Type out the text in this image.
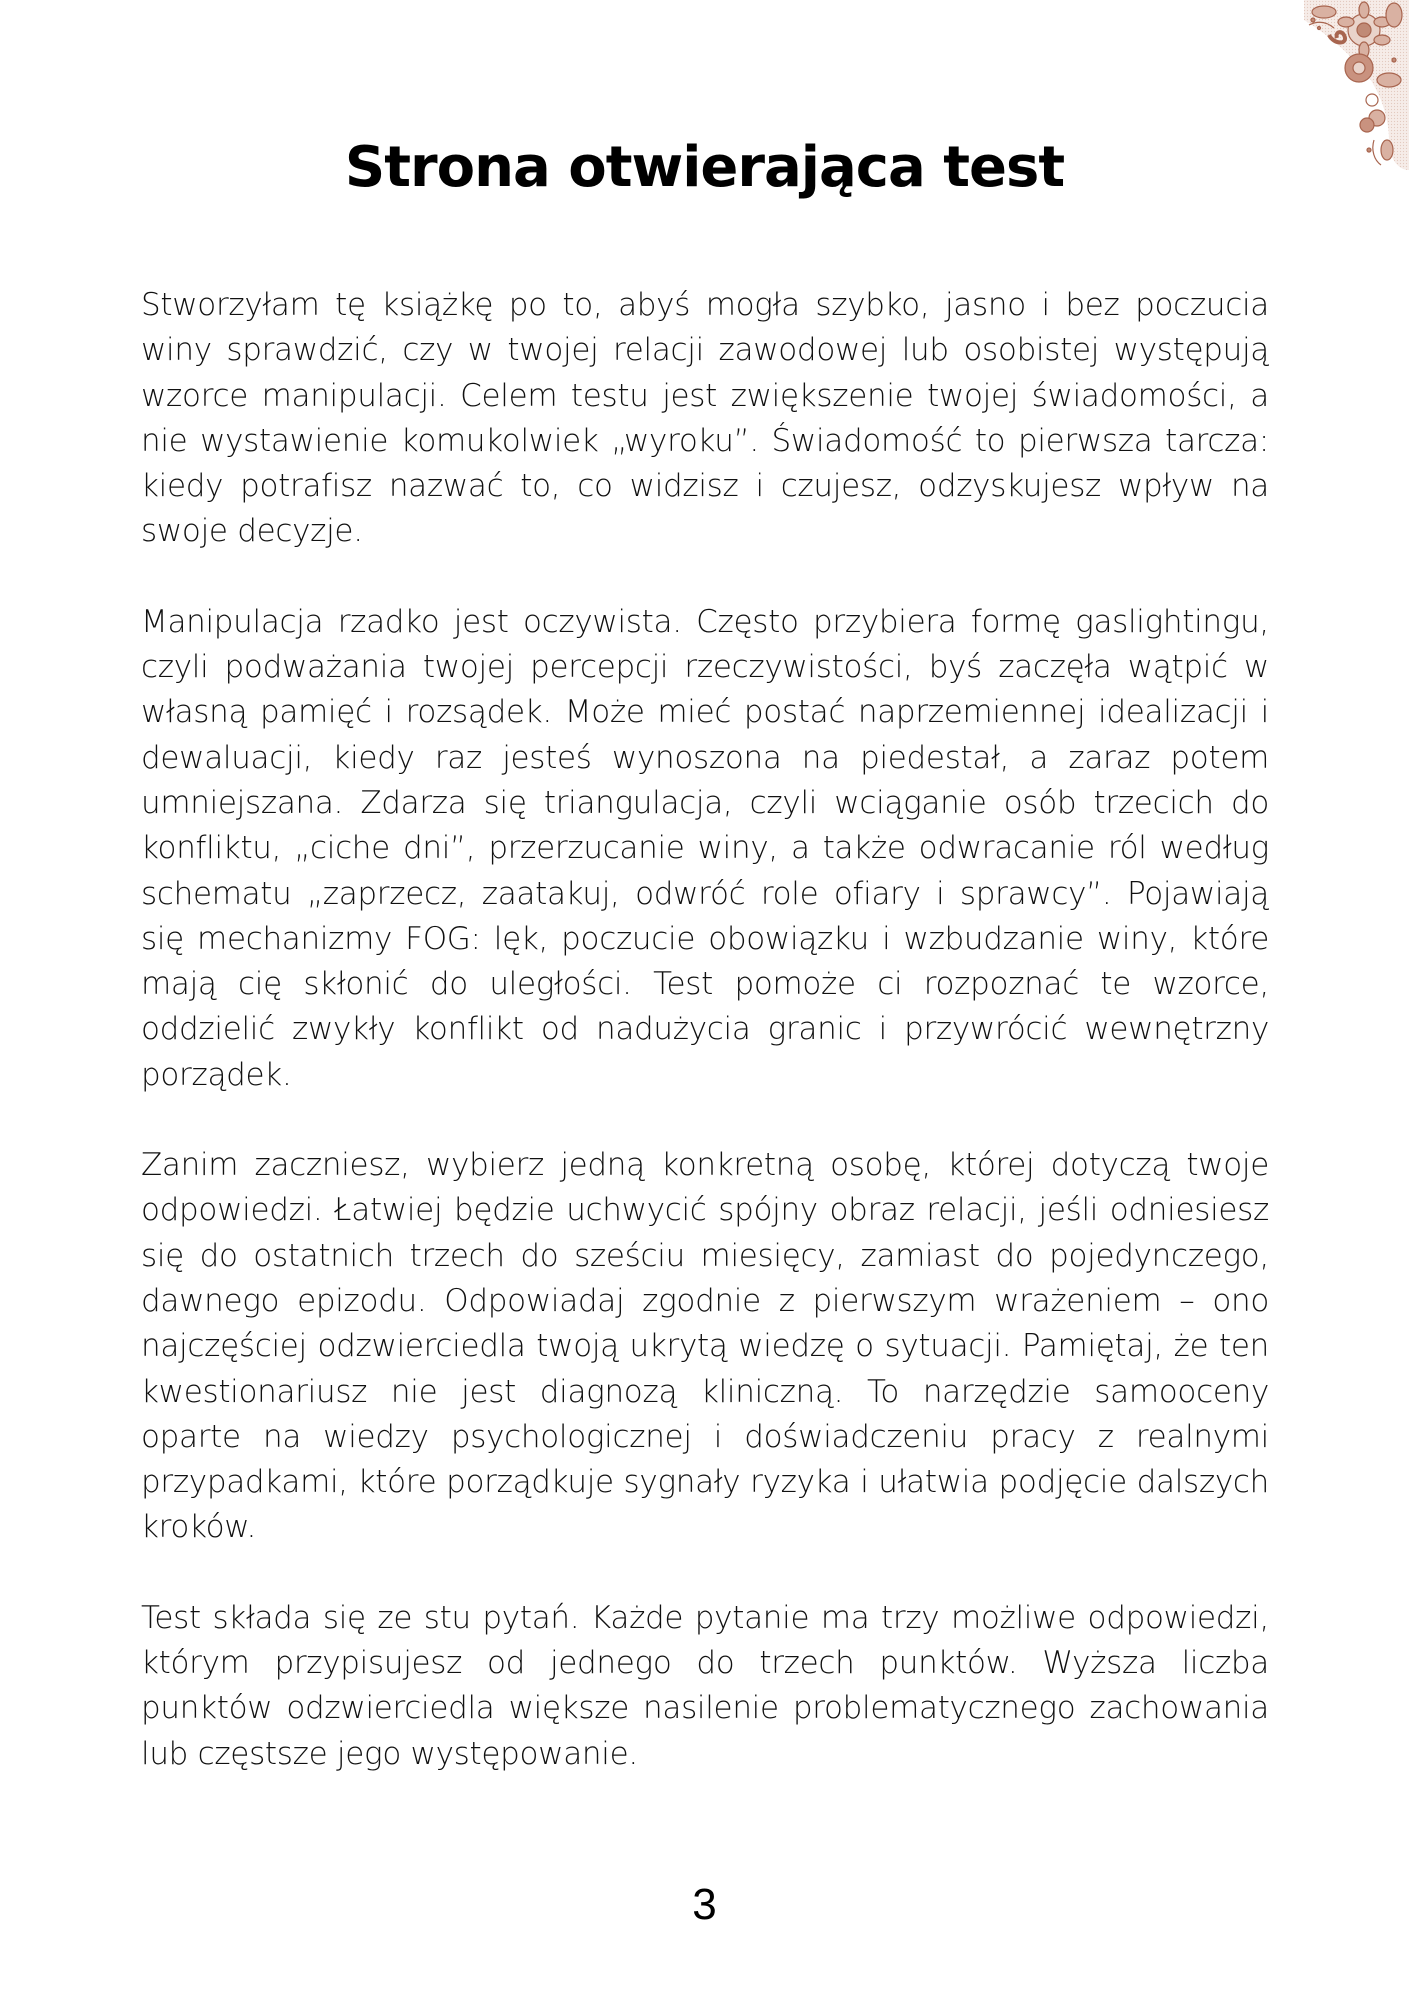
Strona otwierająca test

Stworzyłam tę książkę po to, abyś mogła szybko, jasno i bez poczucia winy sprawdzić, czy w twojej relacji zawodowej lub osobistej występują wzorce manipulacji. Celem testu jest zwiększenie twojej świadomości, a nie wystawienie komukolwiek „wyroku”. Świadomość to pierwsza tarcza: kiedy potrafisz nazwać to, co widzisz i czujesz, odzyskujesz wpływ na swoje decyzje.

Manipulacja rzadko jest oczywista. Często przybiera formę gaslightingu, czyli podważania twojej percepcji rzeczywistości, byś zaczęła wątpić w własną pamięć i rozsądek. Może mieć postać naprzemiennej idealizacji i dewaluacji, kiedy raz jesteś wynoszona na piedestał, a zaraz potem umniejszana. Zdarza się triangulacja, czyli wciąganie osób trzecich do konfliktu, „ciche dni”, przerzucanie winy, a także odwracanie ról według schematu „zaprzecz, zaatakuj, odwróć role ofiary i sprawcy”. Pojawiają się mechanizmy FOG: lęk, poczucie obowiązku i wzbudzanie winy, które mają cię skłonić do uległości. Test pomoże ci rozpoznać te wzorce, oddzielić zwykły konflikt od nadużycia granic i przywrócić wewnętrzny porządek.

Zanim zaczniesz, wybierz jedną konkretną osobę, której dotyczą twoje odpowiedzi. Łatwiej będzie uchwycić spójny obraz relacji, jeśli odniesiesz się do ostatnich trzech do sześciu miesięcy, zamiast do pojedynczego, dawnego epizodu. Odpowiadaj zgodnie z pierwszym wrażeniem – ono najczęściej odzwierciedla twoją ukrytą wiedzę o sytuacji. Pamiętaj, że ten kwestionariusz nie jest diagnozą kliniczną. To narzędzie samooceny oparte na wiedzy psychologicznej i doświadczeniu pracy z realnymi przypadkami, które porządkuje sygnały ryzyka i ułatwia podjęcie dalszych kroków.

Test składa się ze stu pytań. Każde pytanie ma trzy możliwe odpowiedzi, którym przypisujesz od jednego do trzech punktów. Wyższa liczba punktów odzwierciedla większe nasilenie problematycznego zachowania lub częstsze jego występowanie.

3
